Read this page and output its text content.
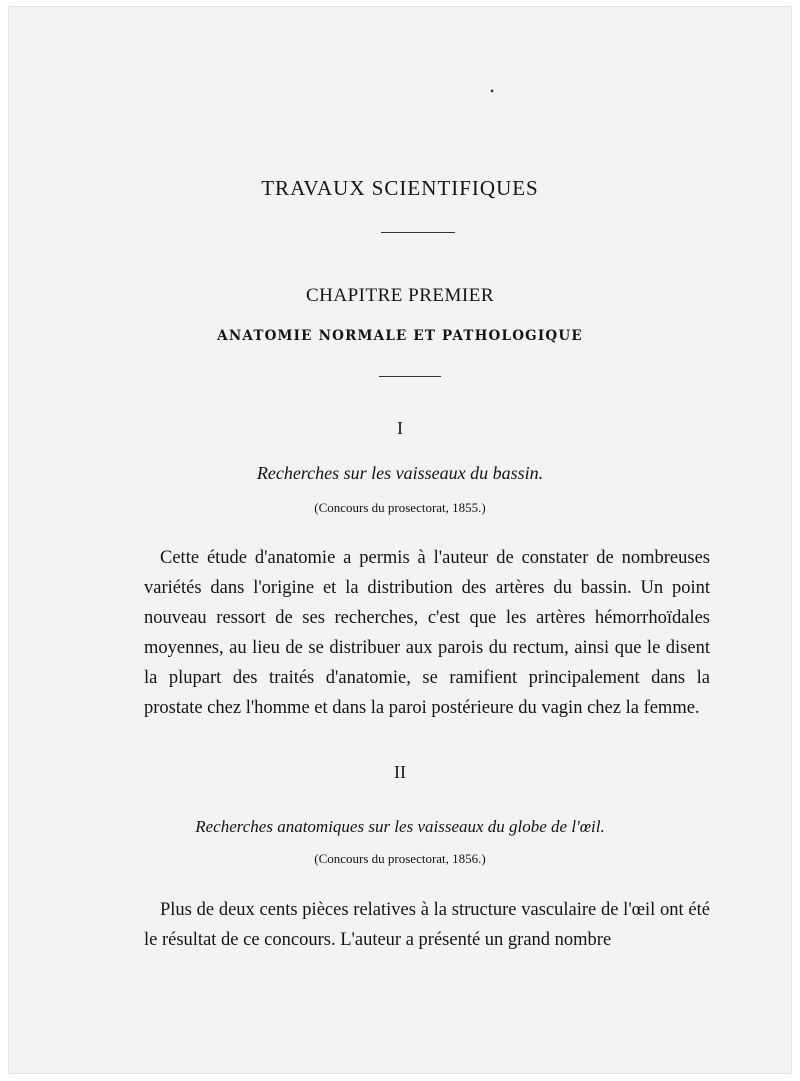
•
TRAVAUX SCIENTIFIQUES
CHAPITRE PREMIER
ANATOMIE NORMALE ET PATHOLOGIQUE
I
Recherches sur les vaisseaux du bassin.
(Concours du prosectorat, 1855.)
Cette étude d'anatomie a permis à l'auteur de constater de nombreuses variétés dans l'origine et la distribution des artères du bassin. Un point nouveau ressort de ses recherches, c'est que les artères hémorrhoïdales moyennes, au lieu de se distribuer aux parois du rectum, ainsi que le disent la plupart des traités d'anatomie, se ramifient principalement dans la prostate chez l'homme et dans la paroi postérieure du vagin chez la femme.
II
Recherches anatomiques sur les vaisseaux du globe de l'œil.
(Concours du prosectorat, 1856.)
Plus de deux cents pièces relatives à la structure vasculaire de l'œil ont été le résultat de ce concours. L'auteur a présenté un grand nombre
